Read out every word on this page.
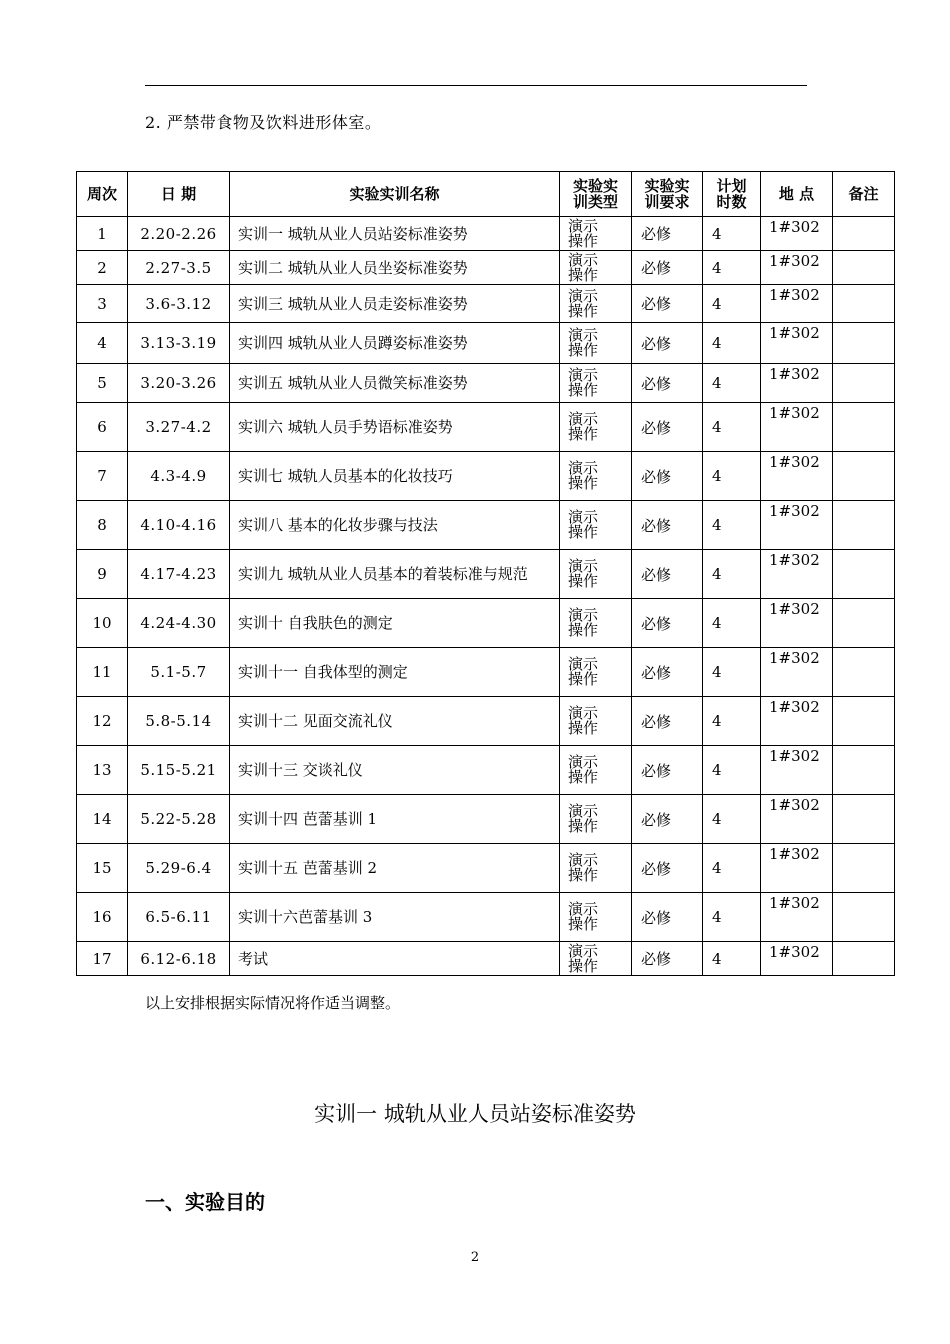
2. 严禁带食物及饮料进形体室。
周次	日 期	实验实训名称	实验实
训类型	实验实
训要求	计划
时数	地 点	备注
1	2.20-2.26	实训一 城轨从业人员站姿标准姿势	演示
操作	必修	4	1#302	
2	2.27-3.5	实训二 城轨从业人员坐姿标准姿势	演示
操作	必修	4	1#302	
3	3.6-3.12	实训三 城轨从业人员走姿标准姿势	演示
操作	必修	4	1#302	
4	3.13-3.19	实训四 城轨从业人员蹲姿标准姿势	演示
操作	必修	4	1#302	
5	3.20-3.26	实训五 城轨从业人员微笑标准姿势	演示
操作	必修	4	1#302	
6	3.27-4.2	实训六 城轨人员手势语标准姿势	演示
操作	必修	4	1#302	
7	4.3-4.9	实训七 城轨人员基本的化妆技巧	演示
操作	必修	4	1#302	
8	4.10-4.16	实训八 基本的化妆步骤与技法	演示
操作	必修	4	1#302	
9	4.17-4.23	实训九 城轨从业人员基本的着装标准与规范	演示
操作	必修	4	1#302	
10	4.24-4.30	实训十 自我肤色的测定	演示
操作	必修	4	1#302	
11	5.1-5.7	实训十一 自我体型的测定	演示
操作	必修	4	1#302	
12	5.8-5.14	实训十二 见面交流礼仪	演示
操作	必修	4	1#302	
13	5.15-5.21	实训十三 交谈礼仪	演示
操作	必修	4	1#302	
14	5.22-5.28	实训十四 芭蕾基训 1	演示
操作	必修	4	1#302	
15	5.29-6.4	实训十五 芭蕾基训 2	演示
操作	必修	4	1#302	
16	6.5-6.11	实训十六芭蕾基训 3	演示
操作	必修	4	1#302	
17	6.12-6.18	考试	演示
操作	必修	4	1#302	
以上安排根据实际情况将作适当调整。
实训一 城轨从业人员站姿标准姿势
一、实验目的
2
